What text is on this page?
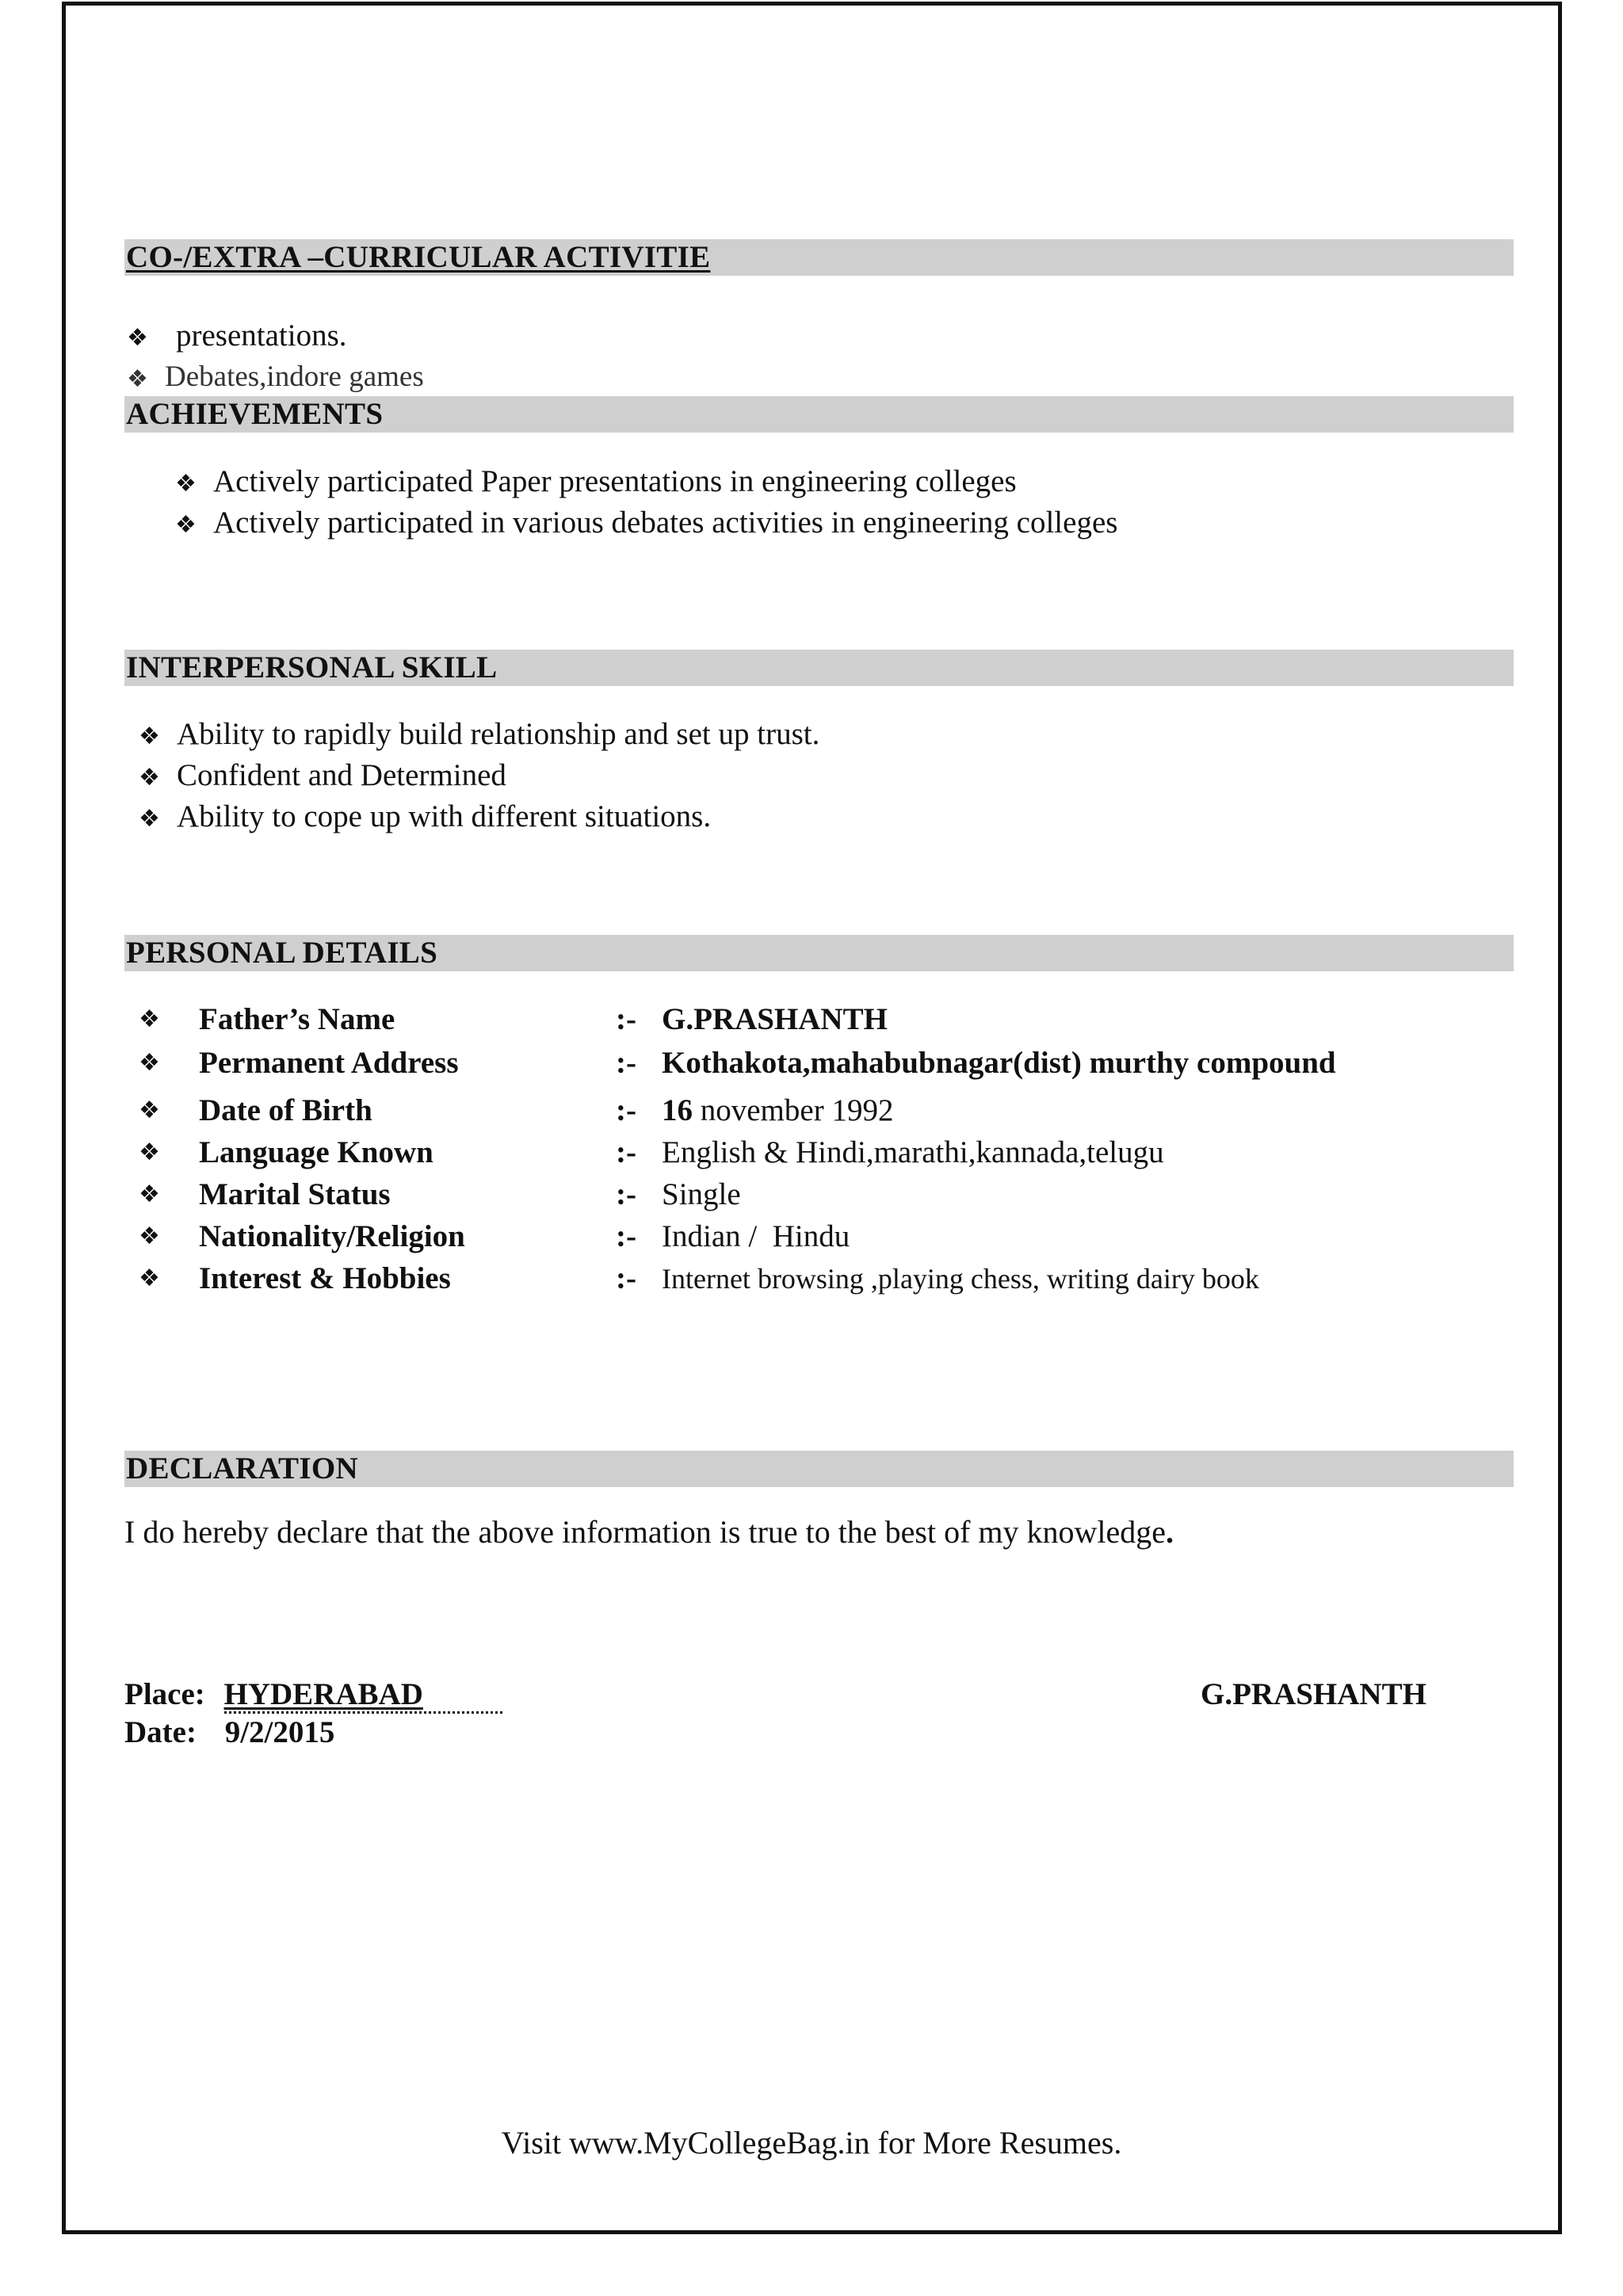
CO-/EXTRA –CURRICULAR ACTIVITIE
❖ presentations.
❖ Debates,indore games
ACHIEVEMENTS
❖ Actively participated Paper presentations in engineering colleges
❖ Actively participated in various debates activities in engineering colleges
INTERPERSONAL SKILL
❖ Ability to rapidly build relationship and set up trust.
❖ Confident and Determined
❖ Ability to cope up with different situations.
PERSONAL DETAILS
❖ Father’s Name	:- G.PRASHANTH
❖ Permanent Address	:- Kothakota,mahabubnagar(dist) murthy compound
❖ Date of Birth	:- 16 november 1992
❖ Language Known	:- English & Hindi,marathi,kannada,telugu
❖ Marital Status	:- Single
❖ Nationality/Religion	:- Indian /  Hindu
❖ Interest & Hobbies	:- Internet browsing ,playing chess, writing dairy book
DECLARATION
I do hereby declare that the above information is true to the best of my knowledge.
Place: HYDERABAD
Date: 9/2/2015
G.PRASHANTH
Visit www.MyCollegeBag.in for More Resumes.
